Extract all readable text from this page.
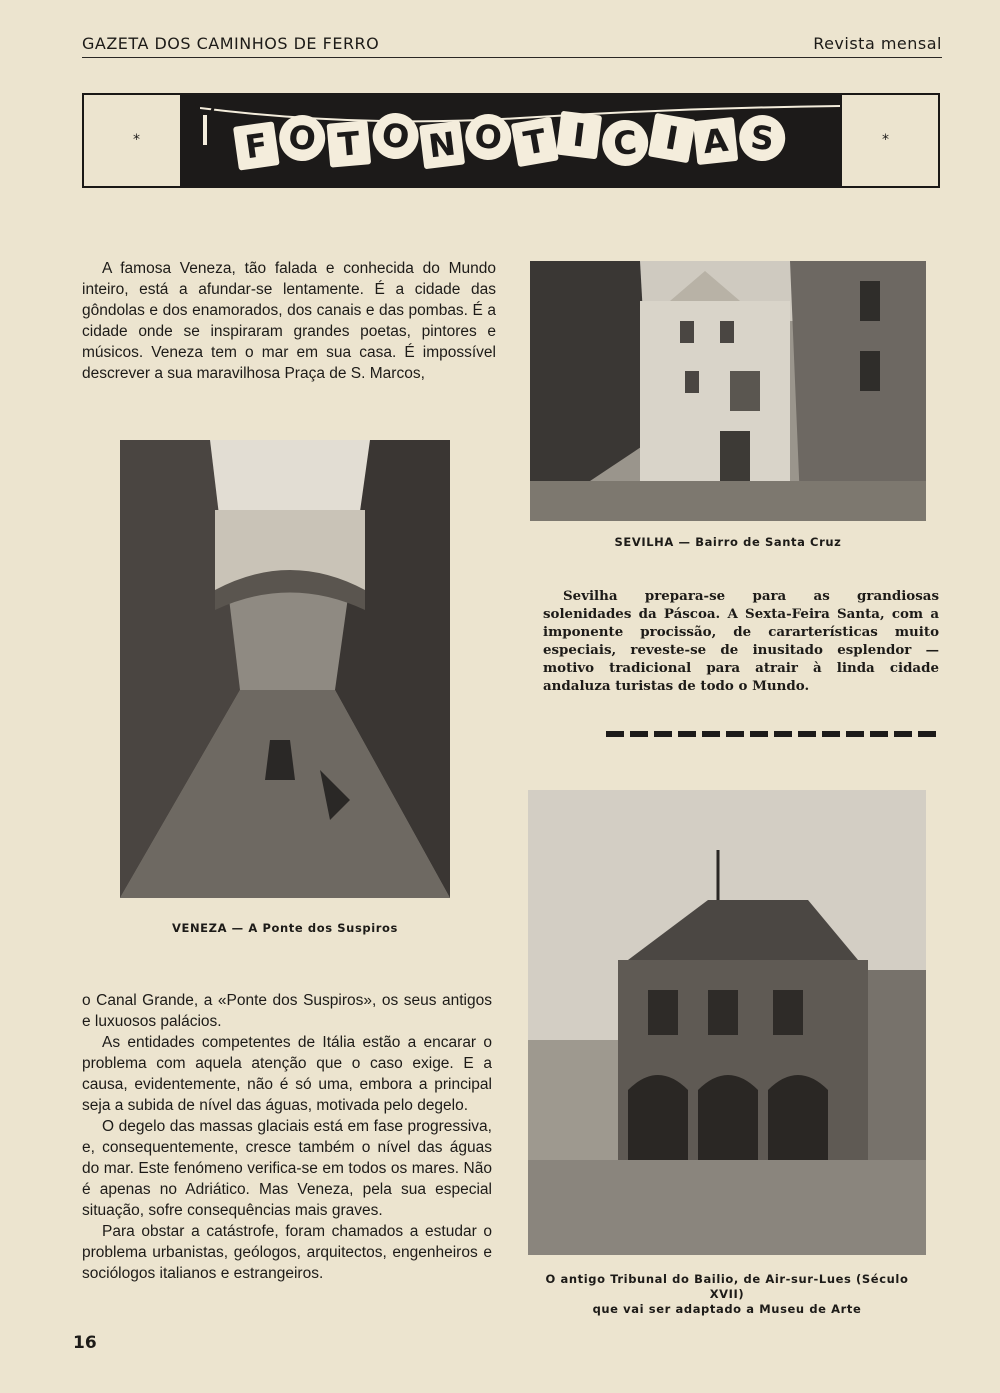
GAZETA DOS CAMINHOS DE FERRO	Revista mensal
*	*
F O T O N O T I C I A S

A famosa Veneza, tão falada e conhecida do Mundo inteiro, está a afundar-se lentamente. É a cidade das gôndolas e dos enamorados, dos canais e das pombas. É a cidade onde se inspiraram grandes poetas, pintores e músicos. Veneza tem o mar em sua casa. É impossível descrever a sua maravilhosa Praça de S. Marcos,

SEVILHA — Bairro de Santa Cruz

Sevilha prepara-se para as grandiosas solenidades da Páscoa. A Sexta-Feira Santa, com a imponente procissão, de cararterísticas muito especiais, reveste-se de inusitado esplendor — motivo tradicional para atrair à linda cidade andaluza turistas de todo o Mundo.

VENEZA — A Ponte dos Suspiros
O antigo Tribunal do Bailio, de Air-sur-Lues (Século XVII)
que vai ser adaptado a Museu de Arte

o Canal Grande, a «Ponte dos Suspiros», os seus antigos e luxuosos palácios.

As entidades competentes de Itália estão a encarar o problema com aquela atenção que o caso exige. E a causa, evidentemente, não é só uma, embora a principal seja a subida de nível das águas, motivada pelo degelo.

O degelo das massas glaciais está em fase progressiva, e, consequentemente, cresce também o nível das águas do mar. Este fenómeno verifica-se em todos os mares. Não é apenas no Adriático. Mas Veneza, pela sua especial situação, sofre consequências mais graves.

Para obstar a catástrofe, foram chamados a estudar o problema urbanistas, geólogos, arquitectos, engenheiros e sociólogos italianos e estrangeiros.

16
